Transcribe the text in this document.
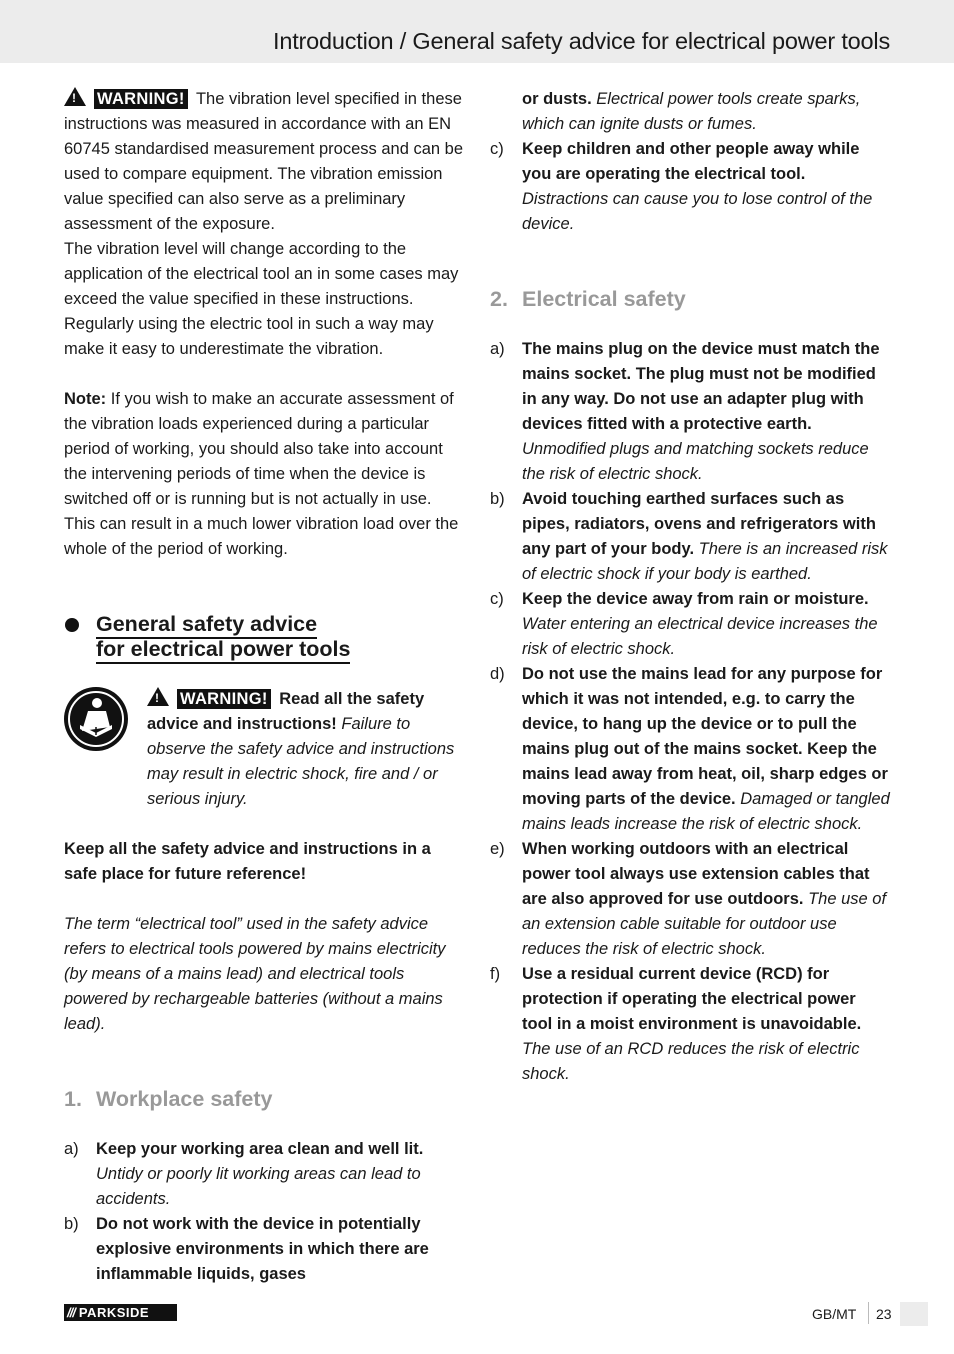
Introduction / General safety advice for electrical power tools

!WARNING! The vibration level specified in these instructions was measured in accordance with an EN 60745 standardised measurement process and can be used to compare equipment. The vibration emission value specified can also serve as a preliminary assessment of the exposure.

The vibration level will change according to the application of the electrical tool an in some cases may exceed the value specified in these instructions. Regularly using the electric tool in such a way may make it easy to underestimate the vibration.

Note: If you wish to make an accurate assessment of the vibration loads experienced during a particular period of working, you should also take into account the intervening periods of time when the device is switched off or is running but is not actually in use. This can result in a much lower vibration load over the whole of the period of working.

General safety advice
for electrical power tools

!WARNING! Read all the safety advice and instructions! Failure to observe the safety advice and instructions may result in electric shock, fire and / or serious injury.

Keep all the safety advice and instructions in a safe place for future reference!

The term “electrical tool” used in the safety advice refers to electrical tools powered by mains electricity (by means of a mains lead) and electrical tools powered by rechargeable batteries (without a mains lead).

1. Workplace safety
a) Keep your working area clean and well lit. Untidy or poorly lit working areas can lead to accidents.
b) Do not work with the device in potentially explosive environments in which there are inflammable liquids, gases
or dusts. Electrical power tools create sparks, which can ignite dusts or fumes.
c) Keep children and other people away while you are operating the electrical tool. Distractions can cause you to lose control of the device.
2. Electrical safety
a) The mains plug on the device must match the mains socket. The plug must not be modified in any way. Do not use an adapter plug with devices fitted with a protective earth. Unmodified plugs and matching sockets reduce the risk of electric shock.
b) Avoid touching earthed surfaces such as pipes, radiators, ovens and refrigerators with any part of your body. There is an increased risk of electric shock if your body is earthed.
c) Keep the device away from rain or moisture. Water entering an electrical device increases the risk of electric shock.
d) Do not use the mains lead for any purpose for which it was not intended, e.g. to carry the device, to hang up the device or to pull the mains plug out of the mains socket. Keep the mains lead away from heat, oil, sharp edges or moving parts of the device. Damaged or tangled mains leads increase the risk of electric shock.
e) When working outdoors with an electrical power tool always use extension cables that are also approved for use outdoors. The use of an extension cable suitable for outdoor use reduces the risk of electric shock.
f) Use a residual current device (RCD) for protection if operating the electrical power tool in a moist environment is unavoidable. The use of an RCD reduces the risk of electric shock.
/// PARKSIDE	GB/MT 23
